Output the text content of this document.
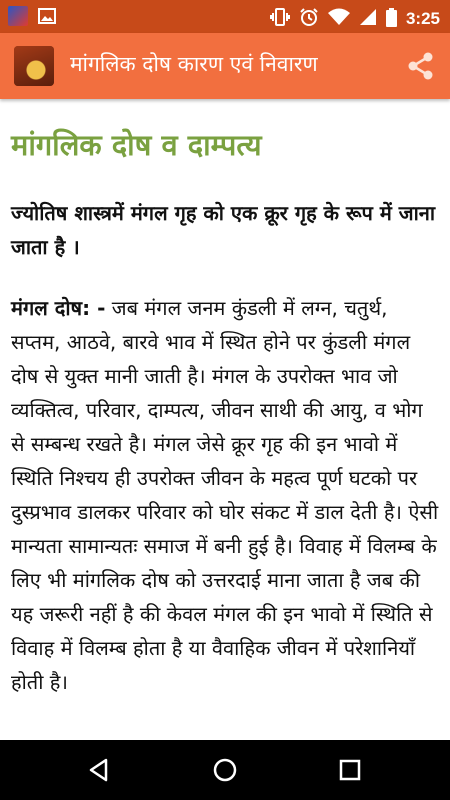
3:25
मांगलिक दोष कारण एवं निवारण
मांगलिक दोष व दाम्पत्य
ज्योतिष शास्त्रमें मंगल गृह को एक क्रूर गृह के रूप में जाना जाता है ।
मंगल दोष: - जब मंगल जनम कुंडली में लग्न, चतुर्थ, सप्तम, आठवे, बारवे भाव में स्थित होने पर कुंडली मंगल दोष से युक्त मानी जाती है। मंगल के उपरोक्त भाव जो व्यक्तित्व, परिवार, दाम्पत्य, जीवन साथी की आयु, व भोग से सम्बन्ध रखते है। मंगल जेसे क्रूर गृह की इन भावो में स्थिति निश्चय ही उपरोक्त जीवन के महत्व पूर्ण घटको पर दुस्प्रभाव डालकर परिवार को घोर संकट में डाल देती है। ऐसी मान्यता सामान्यतः समाज में बनी हुई है। विवाह में विलम्ब के लिए भी मांगलिक दोष को उत्तरदाई माना जाता है जब की यह जरूरी नहीं है की केवल मंगल की इन भावो में स्थिति से विवाह में विलम्ब होता है या वैवाहिक जीवन में परेशानियाँ होती है।
